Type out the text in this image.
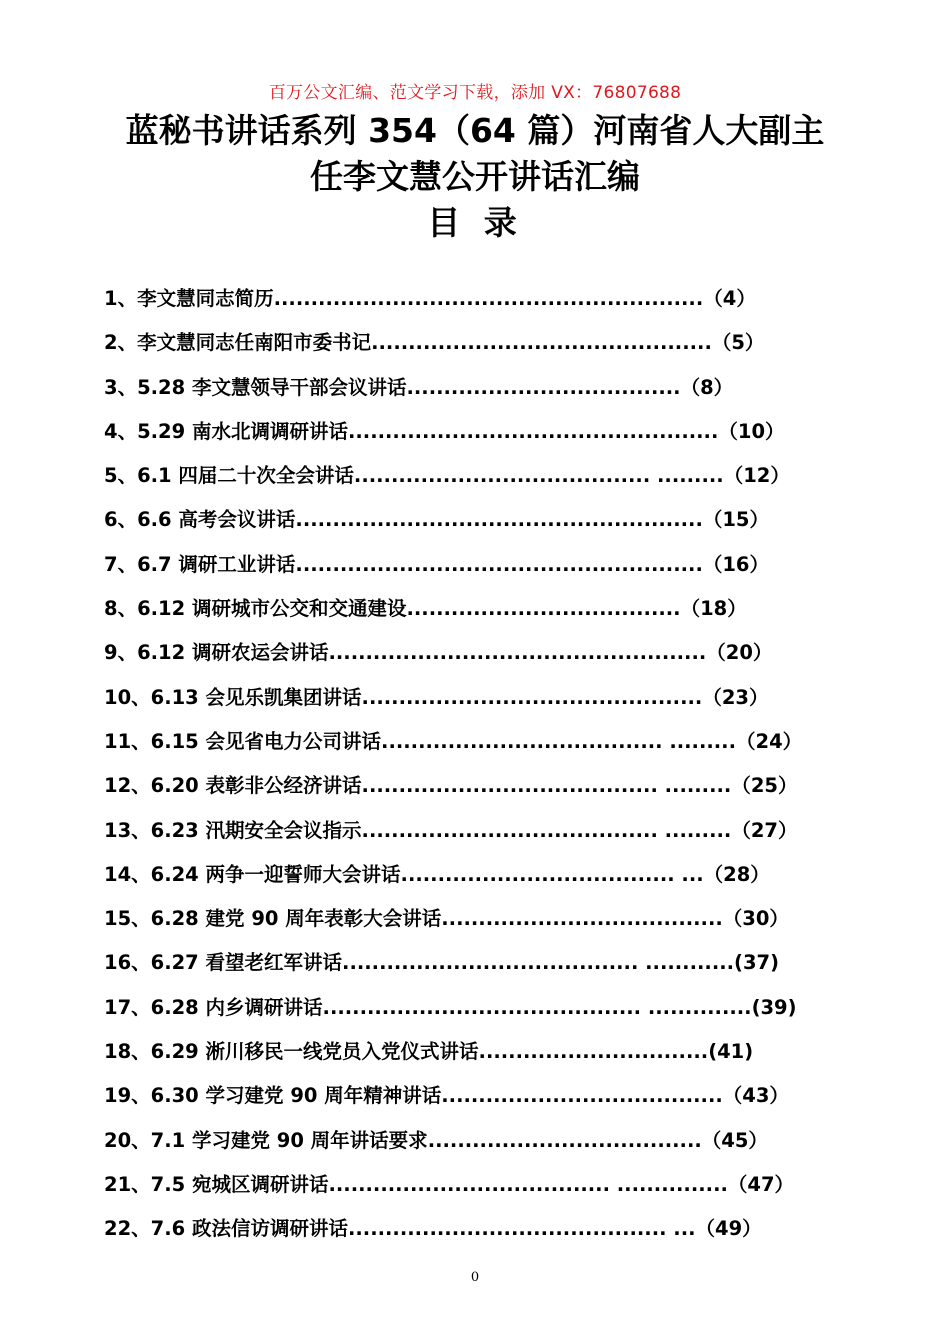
百万公文汇编、范文学习下载，添加 VX：76807688
蓝秘书讲话系列 354（64 篇）河南省人大副主
任李文慧公开讲话汇编
目 录
1、李文慧同志简历..........................................................（4）
2、李文慧同志任南阳市委书记..............................................（5）
3、5.28 李文慧领导干部会议讲话.....................................（8）
4、5.29 南水北调调研讲话..................................................（10）
5、6.1 四届二十次全会讲话........................................ .........（12）
6、6.6 高考会议讲话.......................................................（15）
7、6.7 调研工业讲话.......................................................（16）
8、6.12 调研城市公交和交通建设.....................................（18）
9、6.12 调研农运会讲话...................................................（20）
10、6.13 会见乐凯集团讲话..............................................（23）
11、6.15 会见省电力公司讲话...................................... .........（24）
12、6.20 表彰非公经济讲话........................................ .........（25）
13、6.23 汛期安全会议指示........................................ .........（27）
14、6.24 两争一迎誓师大会讲话..................................... ...（28）
15、6.28 建党 90 周年表彰大会讲话......................................（30）
16、6.27 看望老红军讲话........................................ ............(37)
17、6.28 内乡调研讲话........................................... ..............(39)
18、6.29 淅川移民一线党员入党仪式讲话...............................(41)
19、6.30 学习建党 90 周年精神讲话......................................（43）
20、7.1 学习建党 90 周年讲话要求.....................................（45）
21、7.5 宛城区调研讲话...................................... ...............（47）
22、7.6 政法信访调研讲话........................................... ...（49）
0
